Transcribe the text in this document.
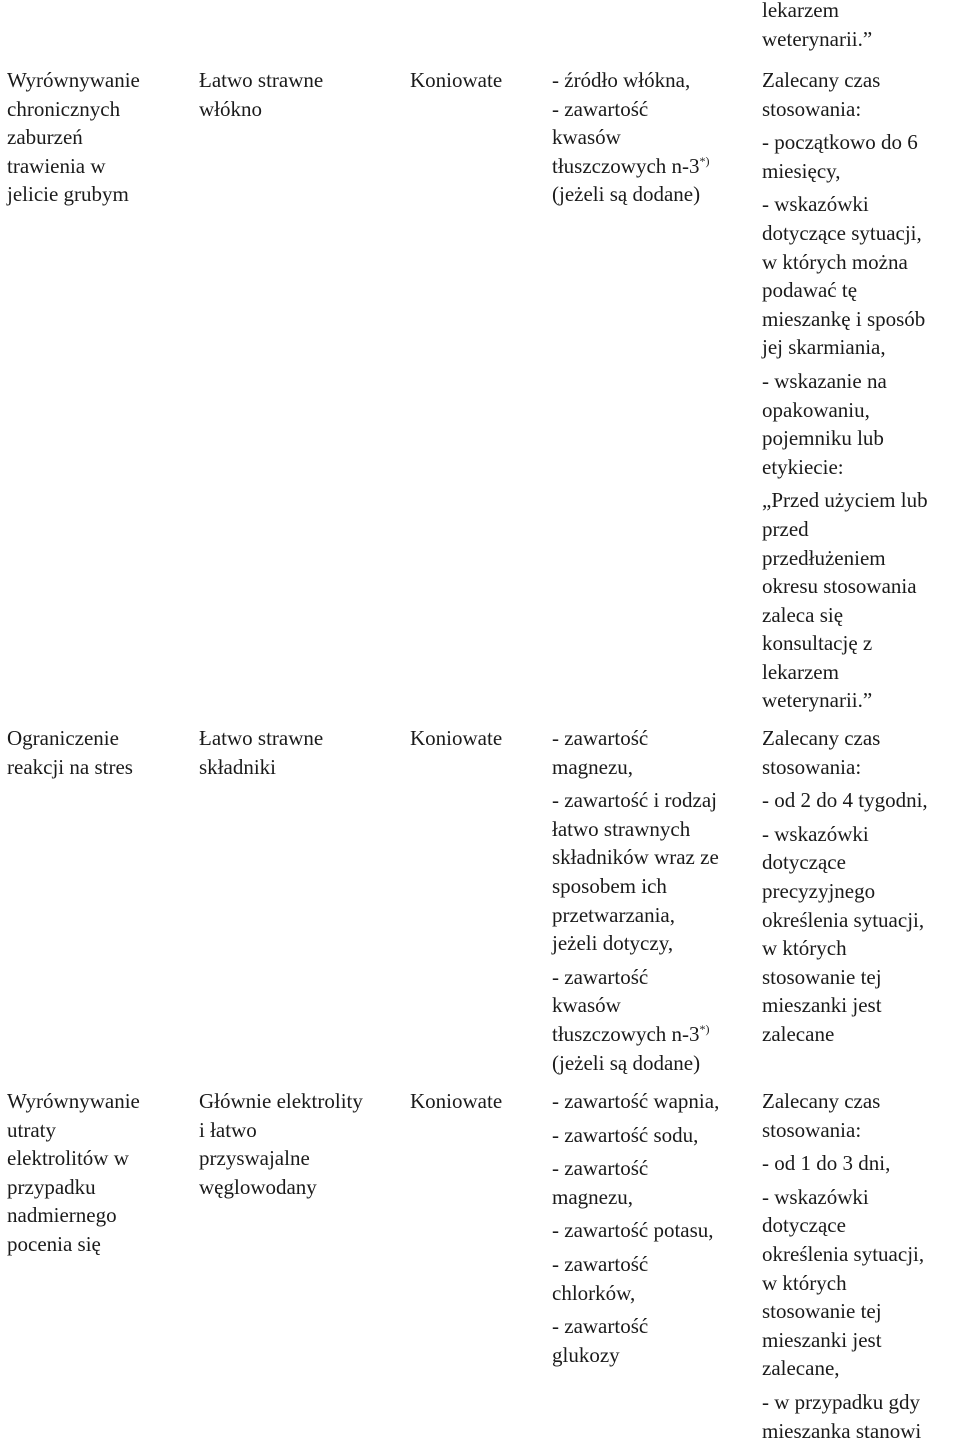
lekarzem
weterynarii.”
Wyrównywanie
chronicznych
zaburzeń
trawienia w
jelicie grubym
Łatwo strawne
włókno
Koniowate - źródło włókna,
- zawartość
kwasów
tłuszczowych n-3*)
(jeżeli są dodane)
Zalecany czas
stosowania:
- początkowo do 6
miesięcy,
- wskazówki
dotyczące sytuacji,
w których można
podawać tę
mieszankę i sposób
jej skarmiania,
- wskazanie na
opakowaniu,
pojemniku lub
etykiecie:
„Przed użyciem lub
przed
przedłużeniem
okresu stosowania
zaleca się
konsultację z
lekarzem
weterynarii.”
Ograniczenie
reakcji na stres
Łatwo strawne
składniki
Koniowate - zawartość
magnezu,
- zawartość i rodzaj
łatwo strawnych
składników wraz ze
sposobem ich
przetwarzania,
jeżeli dotyczy,
- zawartość
kwasów
tłuszczowych n-3*)
(jeżeli są dodane)
Zalecany czas
stosowania:
- od 2 do 4 tygodni,
- wskazówki
dotyczące
precyzyjnego
określenia sytuacji,
w których
stosowanie tej
mieszanki jest
zalecane
Wyrównywanie
utraty
elektrolitów w
przypadku
nadmiernego
pocenia się
Głównie elektrolity
i łatwo
przyswajalne
węglowodany
Koniowate - zawartość wapnia,
- zawartość sodu,
- zawartość
magnezu,
- zawartość potasu,
- zawartość
chlorków,
- zawartość
glukozy
Zalecany czas
stosowania:
- od 1 do 3 dni,
- wskazówki
dotyczące
określenia sytuacji,
w których
stosowanie tej
mieszanki jest
zalecane,
- w przypadku gdy
mieszanka stanowi
